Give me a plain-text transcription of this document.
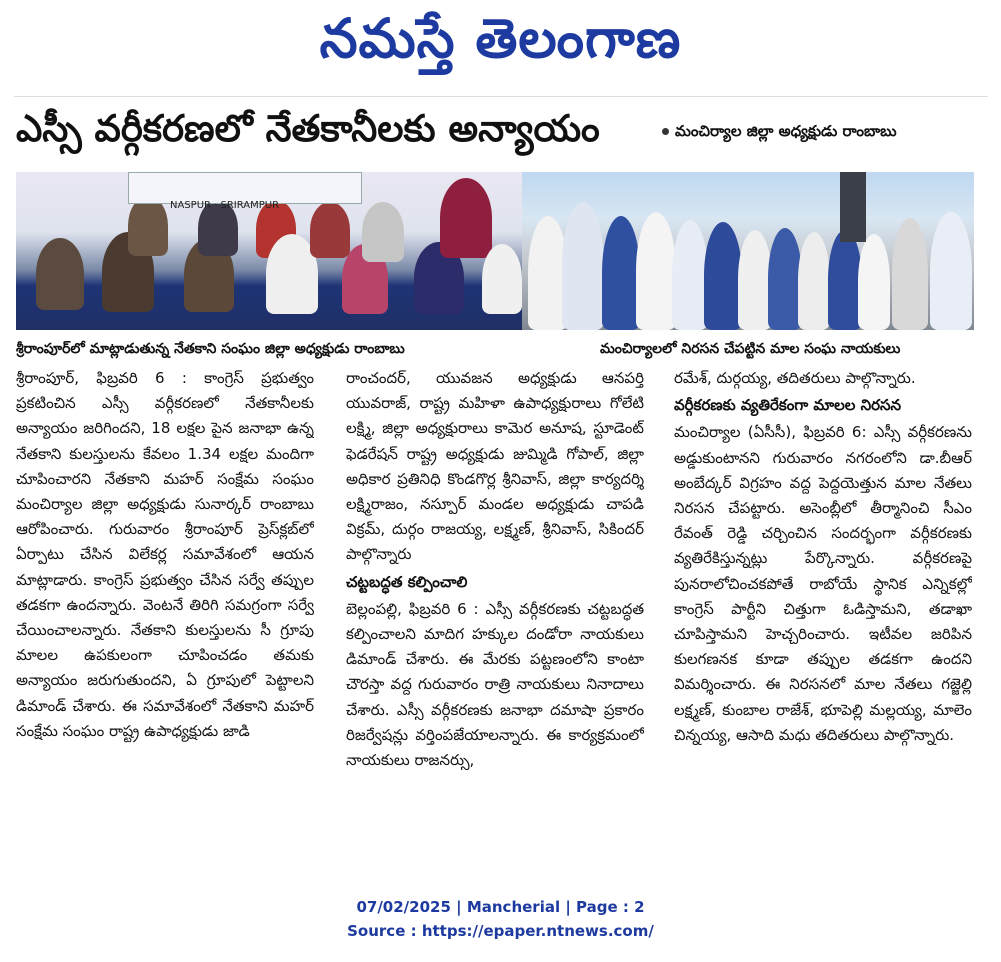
నమస్తే తెలంగాణ
ఎస్సీ వర్గీకరణలో నేతకానీలకు అన్యాయం	మంచిర్యాల జిల్లా అధ్యక్షుడు రాంబాబు
NASPUR · SRIRAMPUR
శ్రీరాంపూర్‌లో మాట్లాడుతున్న నేతకాని సంఘం జిల్లా అధ్యక్షుడు రాంబాబు	మంచిర్యాలలో నిరసన చేపట్టిన మాల సంఘ నాయకులు

శ్రీరాంపూర్, ఫిబ్రవరి 6 : కాంగ్రెస్ ప్రభుత్వం ప్రకటించిన ఎస్సీ వర్గీకరణలో నేతకానీలకు అన్యాయం జరిగిందని, 18 లక్షల పైన జనాభా ఉన్న నేతకాని కులస్తులను కేవలం 1.34 లక్షల మందిగా చూపించారని నేతకాని మహర్ సంక్షేమ సంఘం మంచిర్యాల జిల్లా అధ్యక్షుడు సునార్కర్ రాంబాబు ఆరోపించారు. గురువారం శ్రీరాంపూర్ ప్రెస్‌క్లబ్‌లో ఏర్పాటు చేసిన విలేకర్ల సమావేశంలో ఆయన మాట్లాడారు. కాంగ్రెస్ ప్రభుత్వం చేసిన సర్వే తప్పుల తడకగా ఉందన్నారు. వెంటనే తిరిగి సమగ్రంగా సర్వే చేయించాలన్నారు. నేతకాని కులస్తులను సీ గ్రూపు మాలల ఉపకులంగా చూపించడం తమకు అన్యాయం జరుగుతుందని, ఏ గ్రూపులో పెట్టాలని డిమాండ్ చేశారు. ఈ సమావేశంలో నేతకాని మహర్ సంక్షేమ సంఘం రాష్ట్ర ఉపాధ్యక్షుడు జాడి

రాంచందర్, యువజన అధ్యక్షుడు ఆనపర్తి యువరాజ్, రాష్ట్ర మహిళా ఉపాధ్యక్షురాలు గోలేటి లక్ష్మి, జిల్లా అధ్యక్షురాలు కామెర అనూష, స్టూడెంట్ ఫెడరేషన్ రాష్ట్ర అధ్యక్షుడు జుమ్మిడి గోపాల్, జిల్లా అధికార ప్రతినిధి కొండగొర్ల శ్రీనివాస్, జిల్లా కార్యదర్శి లక్ష్మిరాజం, నస్పూర్ మండల అధ్యక్షుడు చాపడి విక్రమ్, దుర్గం రాజయ్య, లక్ష్మణ్, శ్రీనివాస్, సికిందర్ పాల్గొన్నారు

చట్టబద్ధత కల్పించాలి

బెల్లంపల్లి, ఫిబ్రవరి 6 : ఎస్సీ వర్గీకరణకు చట్టబద్ధత కల్పించాలని మాదిగ హక్కుల దండోరా నాయకులు డిమాండ్ చేశారు. ఈ మేరకు పట్టణంలోని కాంటా చౌరస్తా వద్ద గురువారం రాత్రి నాయకులు నినాదాలు చేశారు. ఎస్సీ వర్గీకరణకు జనాభా దమాషా ప్రకారం రిజర్వేషన్లు వర్తింపజేయాలన్నారు. ఈ కార్యక్రమంలో నాయకులు రాజనర్సు,

రమేశ్, దుర్గయ్య, తదితరులు పాల్గొన్నారు.

వర్గీకరణకు వ్యతిరేకంగా మాలల నిరసన

మంచిర్యాల (ఏసీసీ), ఫిబ్రవరి 6: ఎస్సీ వర్గీకరణను అడ్డుకుంటానని గురువారం నగరంలోని డా.బీఆర్ అంబేద్కర్ విగ్రహం వద్ద పెద్దయెత్తున మాల నేతలు నిరసన చేపట్టారు. అసెంబ్లీలో తీర్మానించి సీఎం రేవంత్ రెడ్డి చర్చించిన సందర్భంగా వర్గీకరణకు వ్యతిరేకిస్తున్నట్లు పేర్కొన్నారు. వర్గీకరణపై పునరాలోచించకపోతే రాబోయే స్థానిక ఎన్నికల్లో కాంగ్రెస్ పార్టీని చిత్తుగా ఓడిస్తామని, తడాఖా చూపిస్తామని హెచ్చరించారు. ఇటీవల జరిపిన కులగణనక కూడా తప్పుల తడకగా ఉందని విమర్శించారు. ఈ నిరసనలో మాల నేతలు గజ్జెల్లి లక్ష్మణ్, కుంబాల రాజేశ్, భూపెల్లి మల్లయ్య, మాలెం చిన్నయ్య, ఆసాది మధు తదితరులు పాల్గొన్నారు.

07/02/2025 | Mancherial | Page : 2
Source : https://epaper.ntnews.com/
